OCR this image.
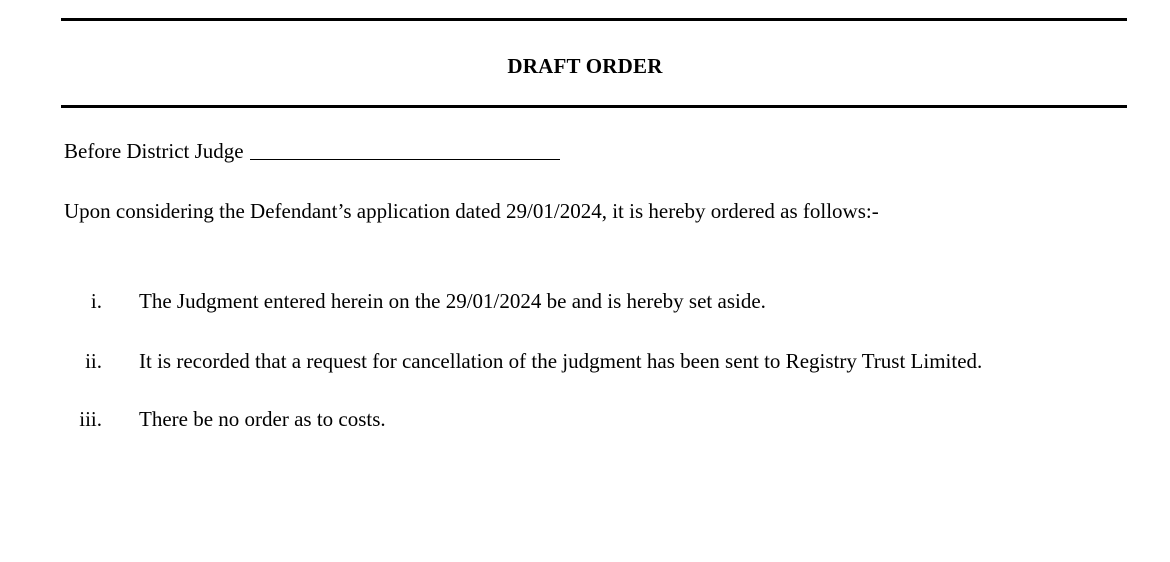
DRAFT ORDER
Before District Judge
Upon considering the Defendant’s application dated 29/01/2024, it is hereby ordered as follows:-
i. The Judgment entered herein on the 29/01/2024 be and is hereby set aside.
ii. It is recorded that a request for cancellation of the judgment has been sent to Registry Trust Limited.
iii. There be no order as to costs.
